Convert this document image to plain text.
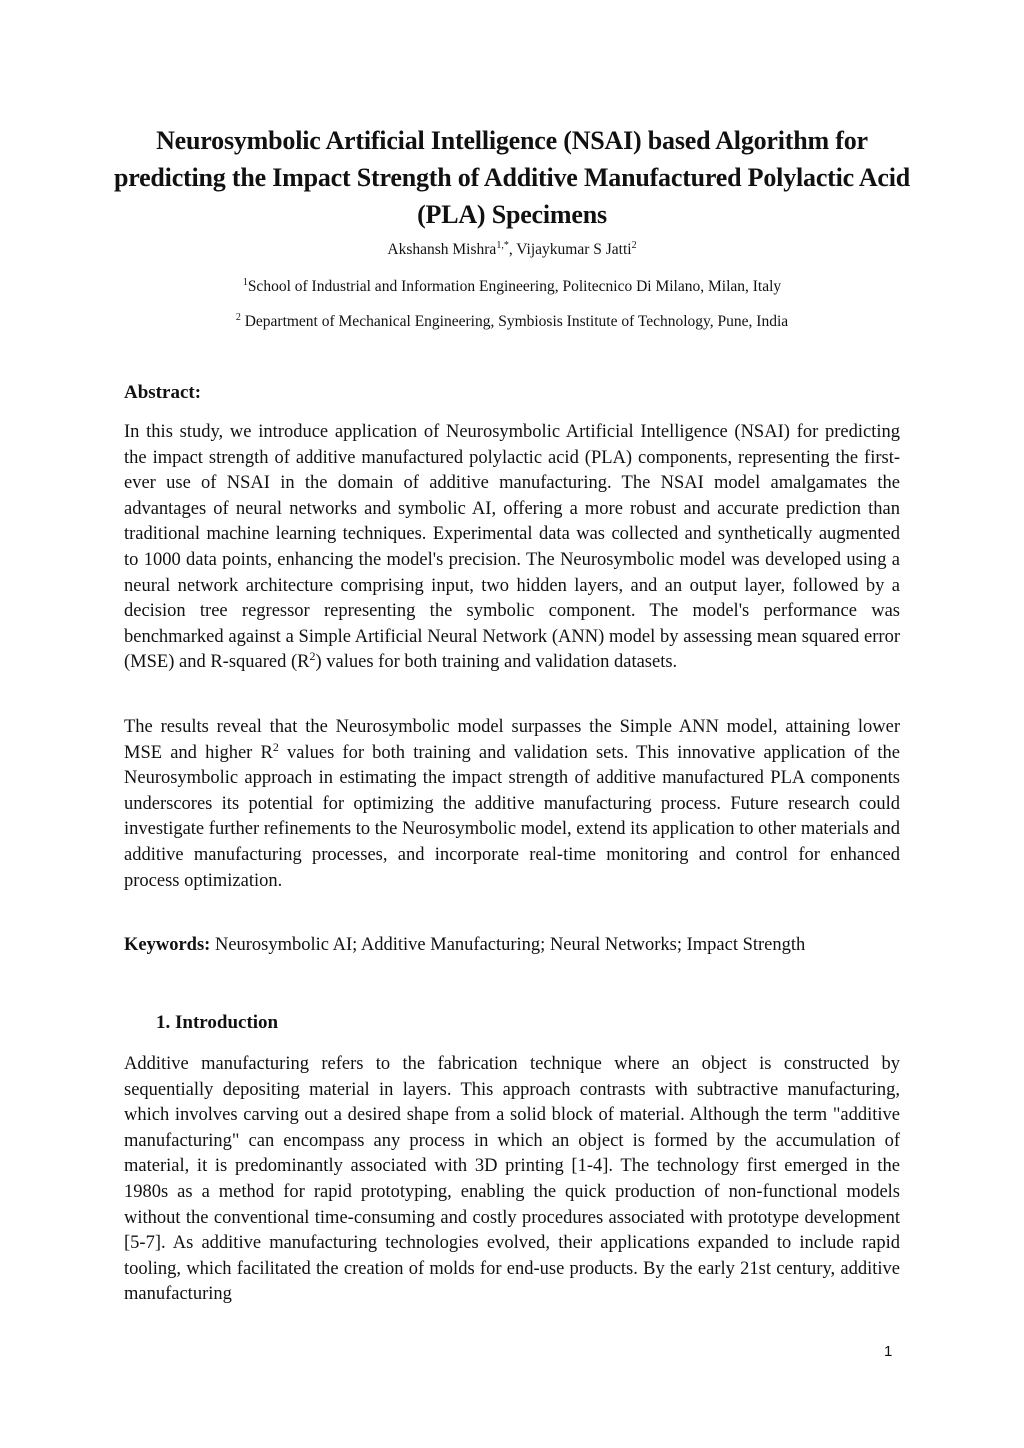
Neurosymbolic Artificial Intelligence (NSAI) based Algorithm for predicting the Impact Strength of Additive Manufactured Polylactic Acid (PLA) Specimens
Akshansh Mishra$^{1,*}$, Vijaykumar S Jatti$^2$
$^1$School of Industrial and Information Engineering, Politecnico Di Milano, Milan, Italy
$^2$ Department of Mechanical Engineering, Symbiosis Institute of Technology, Pune, India
Abstract:

In this study, we introduce application of Neurosymbolic Artificial Intelligence (NSAI) for predicting the impact strength of additive manufactured polylactic acid (PLA) components, representing the first-ever use of NSAI in the domain of additive manufacturing. The NSAI model amalgamates the advantages of neural networks and symbolic AI, offering a more robust and accurate prediction than traditional machine learning techniques. Experimental data was collected and synthetically augmented to 1000 data points, enhancing the model's precision. The Neurosymbolic model was developed using a neural network architecture comprising input, two hidden layers, and an output layer, followed by a decision tree regressor representing the symbolic component. The model's performance was benchmarked against a Simple Artificial Neural Network (ANN) model by assessing mean squared error (MSE) and R-squared $(R^2)$ values for both training and validation datasets.

The results reveal that the Neurosymbolic model surpasses the Simple ANN model, attaining lower MSE and higher $R^2$ values for both training and validation sets. This innovative application of the Neurosymbolic approach in estimating the impact strength of additive manufactured PLA components underscores its potential for optimizing the additive manufacturing process. Future research could investigate further refinements to the Neurosymbolic model, extend its application to other materials and additive manufacturing processes, and incorporate real-time monitoring and control for enhanced process optimization.

Keywords: Neurosymbolic AI; Additive Manufacturing; Neural Networks; Impact Strength

1. Introduction

Additive manufacturing refers to the fabrication technique where an object is constructed by sequentially depositing material in layers. This approach contrasts with subtractive manufacturing, which involves carving out a desired shape from a solid block of material. Although the term "additive manufacturing" can encompass any process in which an object is formed by the accumulation of material, it is predominantly associated with 3D printing [1-4]. The technology first emerged in the 1980s as a method for rapid prototyping, enabling the quick production of non-functional models without the conventional time-consuming and costly procedures associated with prototype development [5-7]. As additive manufacturing technologies evolved, their applications expanded to include rapid tooling, which facilitated the creation of molds for end-use products. By the early 21st century, additive manufacturing

1
